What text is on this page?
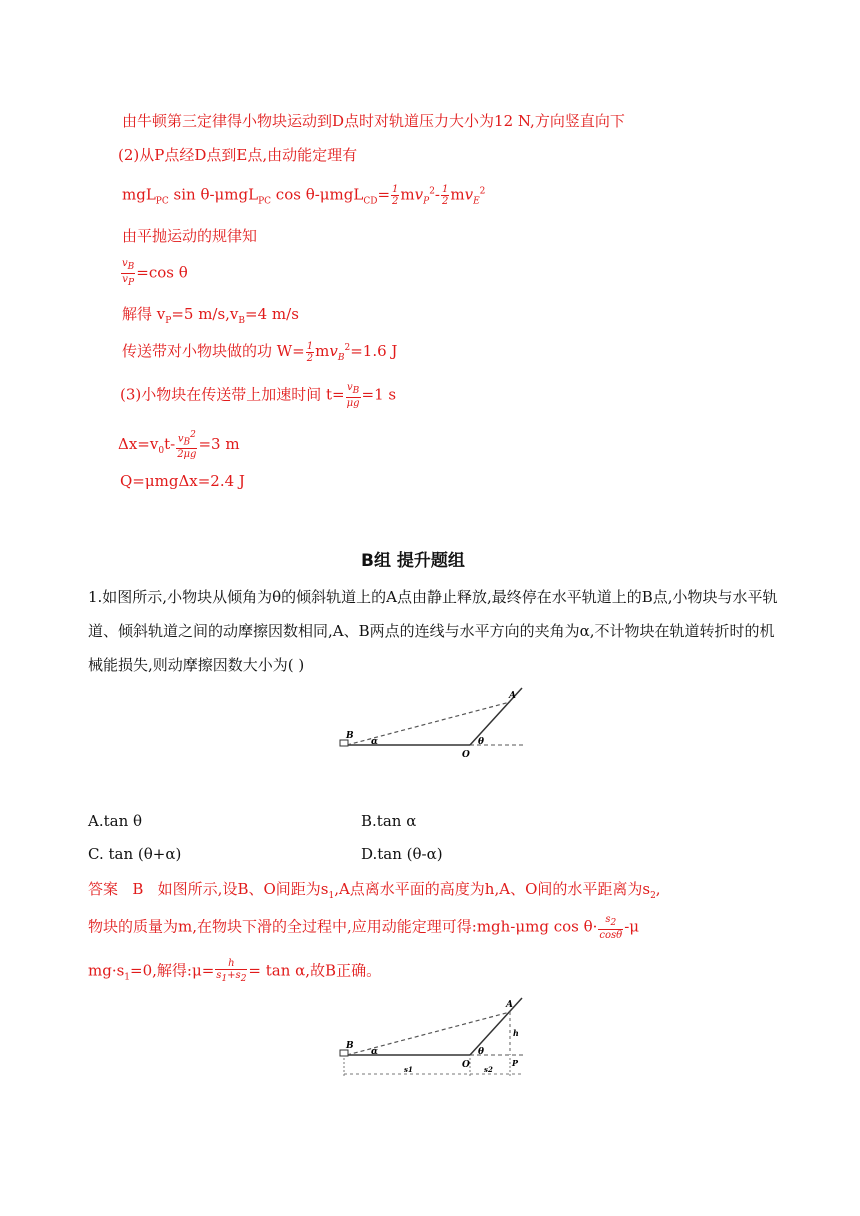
由牛顿第三定律得小物块运动到D点时对轨道压力大小为12 N,方向竖直向下
(2)从P点经D点到E点,由动能定理有
mgL$_{PC}$ sin θ-μmgL$_{PC}$ $\cos \theta-\mu mgL_{CD}= \frac{1}{2} mv_P^2- \frac{1}{2} mv_E^2$
由平抛运动的规律知
$\frac{v_B}{v_P} =\cos$ θ
解得 $v_P=5$ $m/s,v_B=4$ m/s
传送带对小物块做的功 $W= \frac{1}{2} mv_B^2=1.6$ J
(3)小物块在传送带上加速时间 $t= \frac{v_B}{\mu g} =1$ s
$\Delta x=v_0t- \frac{v_B^2}{2\mu g} =3$ m
Q=μmgΔx=2.4 J
B组 提升题组
1.如图所示,小物块从倾角为θ的倾斜轨道上的A点由静止释放,最终停在水平轨道上的B点,小物块与水平轨道、倾斜轨道之间的动摩擦因数相同,A、B两点的连线与水平方向的夹角为α,不计物块在轨道转折时的机械能损失,则动摩擦因数大小为( )
B
A
O
α	θ
A.tan θ	B.tan α
C. tan (θ+α)	D.tan (θ-α)
答案 B 如图所示,设B、O间距为$s_1,A$点离水平面的高度为h,A、O间的水平距离为$s_2$,
物块的质量为m,在物块下滑的全过程中,应用动能定理可得:mgh-μmg $\cos \theta\cdot \frac{s_2}{\cos\theta} -\mu$
$mg\cdot s_1=0$,解得:μ= $\frac{h}{s_1+s_2} = \tan \alpha$,故B正确。
B
A
O
α	θ
h
P
s1	s2
